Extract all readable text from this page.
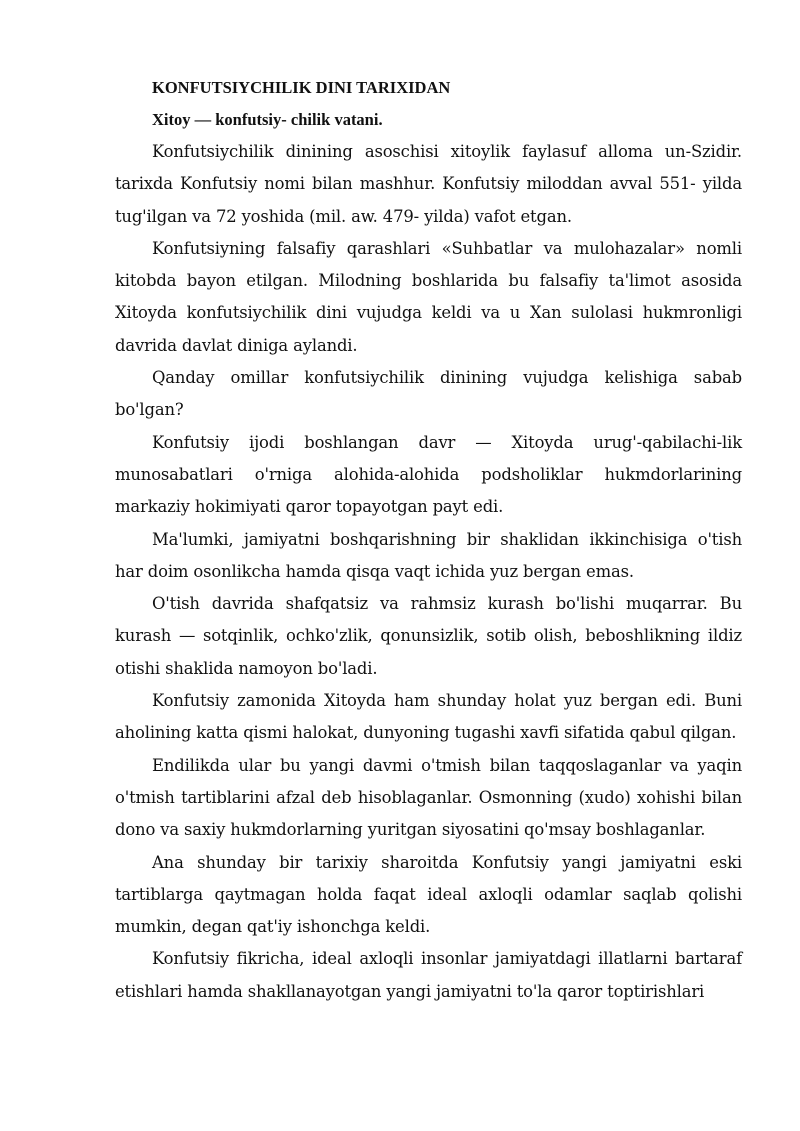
KONFUTSIYCHILIK DINI TARIXIDAN

Xitoy — konfutsiy- chilik vatani.

Konfutsiychilik dinining asoschisi xitoylik faylasuf alloma un-Szidir. tarixda Konfutsiy nomi bilan mashhur. Konfutsiy miloddan avval 551- yilda tug'ilgan va 72 yoshida (mil. aw. 479- yilda) vafot etgan.

Konfutsiyning falsafiy qarashlari «Suhbatlar va mulohazalar» nomli kitobda bayon etilgan. Milodning boshlarida bu falsafiy ta'limot asosida Xitoyda konfutsiychilik dini vujudga keldi va u Xan sulolasi hukmronligi davrida davlat diniga aylandi.

Qanday omillar konfutsiychilik dinining vujudga kelishiga sabab bo'lgan?

Konfutsiy ijodi boshlangan davr — Xitoyda urug'-qabilachi-lik munosabatlari o'rniga alohida-alohida podsholiklar hukmdorlarining markaziy hokimiyati qaror topayotgan payt edi.

Ma'lumki, jamiyatni boshqarishning bir shaklidan ikkinchisiga o'tish har doim osonlikcha hamda qisqa vaqt ichida yuz bergan emas.

O'tish davrida shafqatsiz va rahmsiz kurash bo'lishi muqarrar. Bu kurash — sotqinlik, ochko'zlik, qonunsizlik, sotib olish, beboshlikning ildiz otishi shaklida namoyon bo'ladi.

Konfutsiy zamonida Xitoyda ham shunday holat yuz bergan edi. Buni aholining katta qismi halokat, dunyoning tugashi xavfi sifatida qabul qilgan.

Endilikda ular bu yangi davmi o'tmish bilan taqqoslaganlar va yaqin o'tmish tartiblarini afzal deb hisoblaganlar. Osmonning (xudo) xohishi bilan dono va saxiy hukmdorlarning yuritgan siyosatini qo'msay boshlaganlar.

Ana shunday bir tarixiy sharoitda Konfutsiy yangi jamiyatni eski tartiblarga qaytmagan holda faqat ideal axloqli odamlar saqlab qolishi mumkin, degan qat'iy ishonchga keldi.

Konfutsiy fikricha, ideal axloqli insonlar jamiyatdagi illatlarni bartaraf etishlari hamda shakllanayotgan yangi jamiyatni to'la qaror toptirishlari
